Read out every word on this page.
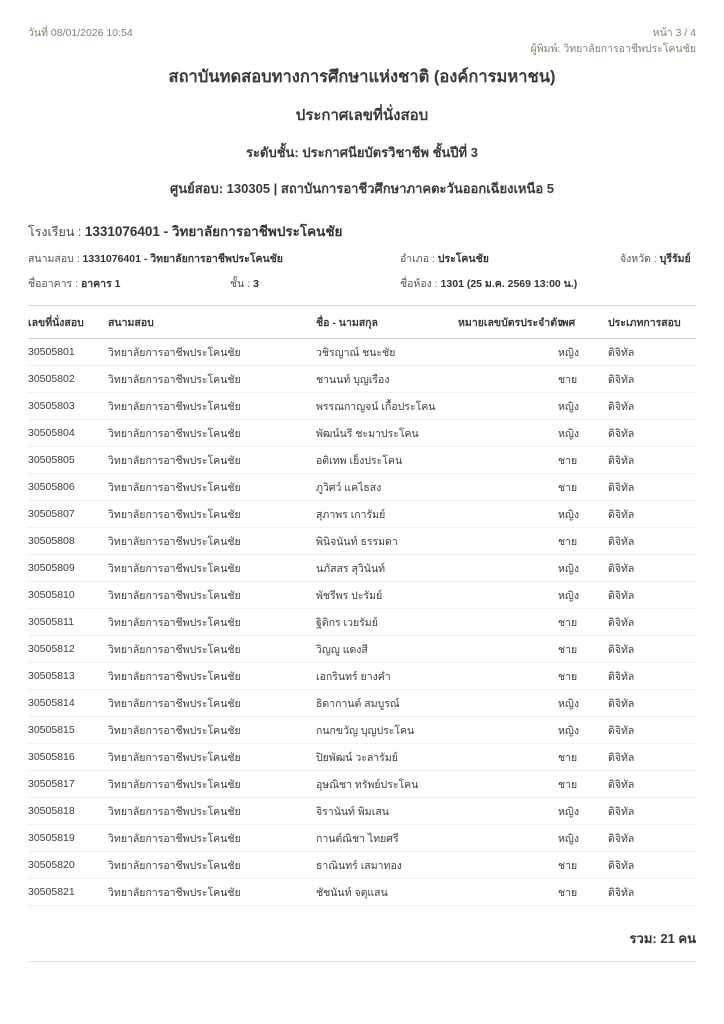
วันที่ 08/01/2026 10:54	หน้า 3 / 4
ผู้พิมพ์: วิทยาลัยการอาชีพประโคนชัย
สถาบันทดสอบทางการศึกษาแห่งชาติ (องค์การมหาชน)
ประกาศเลขที่นั่งสอบ
ระดับชั้น: ประกาศนียบัตรวิชาชีพ ชั้นปีที่ 3
ศูนย์สอบ: 130305 | สถาบันการอาชีวศึกษาภาคตะวันออกเฉียงเหนือ 5
โรงเรียน : 1331076401 - วิทยาลัยการอาชีพประโคนชัย
สนามสอบ : 1331076401 - วิทยาลัยการอาชีพประโคนชัย	อำเภอ : ประโคนชัย	จังหวัด : บุรีรัมย์
ชื่ออาคาร : อาคาร 1	ชั้น : 3	ชื่อห้อง : 1301 (25 ม.ค. 2569 13:00 น.)
เลขที่นั่งสอบ	สนามสอบ	ชื่อ - นามสกุล	หมายเลขบัตรประจำตัว	เพศ	ประเภทการสอบ
30505801	วิทยาลัยการอาชีพประโคนชัย	วชิรญาณ์ ชนะชัย		หญิง	ดิจิทัล
30505802	วิทยาลัยการอาชีพประโคนชัย	ชานนท์ บุญเรือง		ชาย	ดิจิทัล
30505803	วิทยาลัยการอาชีพประโคนชัย	พรรณกาญจน์ เกื้อประโคน		หญิง	ดิจิทัล
30505804	วิทยาลัยการอาชีพประโคนชัย	พัฒน์นรี ชะมาประโคน		หญิง	ดิจิทัล
30505805	วิทยาลัยการอาชีพประโคนชัย	อติเทพ เย็งประโคน		ชาย	ดิจิทัล
30505806	วิทยาลัยการอาชีพประโคนชัย	ภูวิศว์ แคไธสง		ชาย	ดิจิทัล
30505807	วิทยาลัยการอาชีพประโคนชัย	สุภาพร เการัมย์		หญิง	ดิจิทัล
30505808	วิทยาลัยการอาชีพประโคนชัย	พินิจนันท์ ธรรมดา		ชาย	ดิจิทัล
30505809	วิทยาลัยการอาชีพประโคนชัย	นภัสสร สุวินันท์		หญิง	ดิจิทัล
30505810	วิทยาลัยการอาชีพประโคนชัย	พัชรีพร ปะรัมย์		หญิง	ดิจิทัล
30505811	วิทยาลัยการอาชีพประโคนชัย	ฐิติกร เวยรัมย์		ชาย	ดิจิทัล
30505812	วิทยาลัยการอาชีพประโคนชัย	วิญญู แดงสี		ชาย	ดิจิทัล
30505813	วิทยาลัยการอาชีพประโคนชัย	เอกรินทร์ ยางคำ		ชาย	ดิจิทัล
30505814	วิทยาลัยการอาชีพประโคนชัย	ธิดากานต์ สมบูรณ์		หญิง	ดิจิทัล
30505815	วิทยาลัยการอาชีพประโคนชัย	กนกขวัญ บุญประโคน		หญิง	ดิจิทัล
30505816	วิทยาลัยการอาชีพประโคนชัย	ปิยพัฒน์ วะลารัมย์		ชาย	ดิจิทัล
30505817	วิทยาลัยการอาชีพประโคนชัย	อุษณิชา ทรัพย์ประโคน		ชาย	ดิจิทัล
30505818	วิทยาลัยการอาชีพประโคนชัย	จิรานันท์ พิมเสน		หญิง	ดิจิทัล
30505819	วิทยาลัยการอาชีพประโคนชัย	กานต์ณิชา ไทยศรี		หญิง	ดิจิทัล
30505820	วิทยาลัยการอาชีพประโคนชัย	ธาณินทร์ เสมาทอง		ชาย	ดิจิทัล
30505821	วิทยาลัยการอาชีพประโคนชัย	ชัชนันท์ จตุแสน		ชาย	ดิจิทัล
รวม: 21 คน
